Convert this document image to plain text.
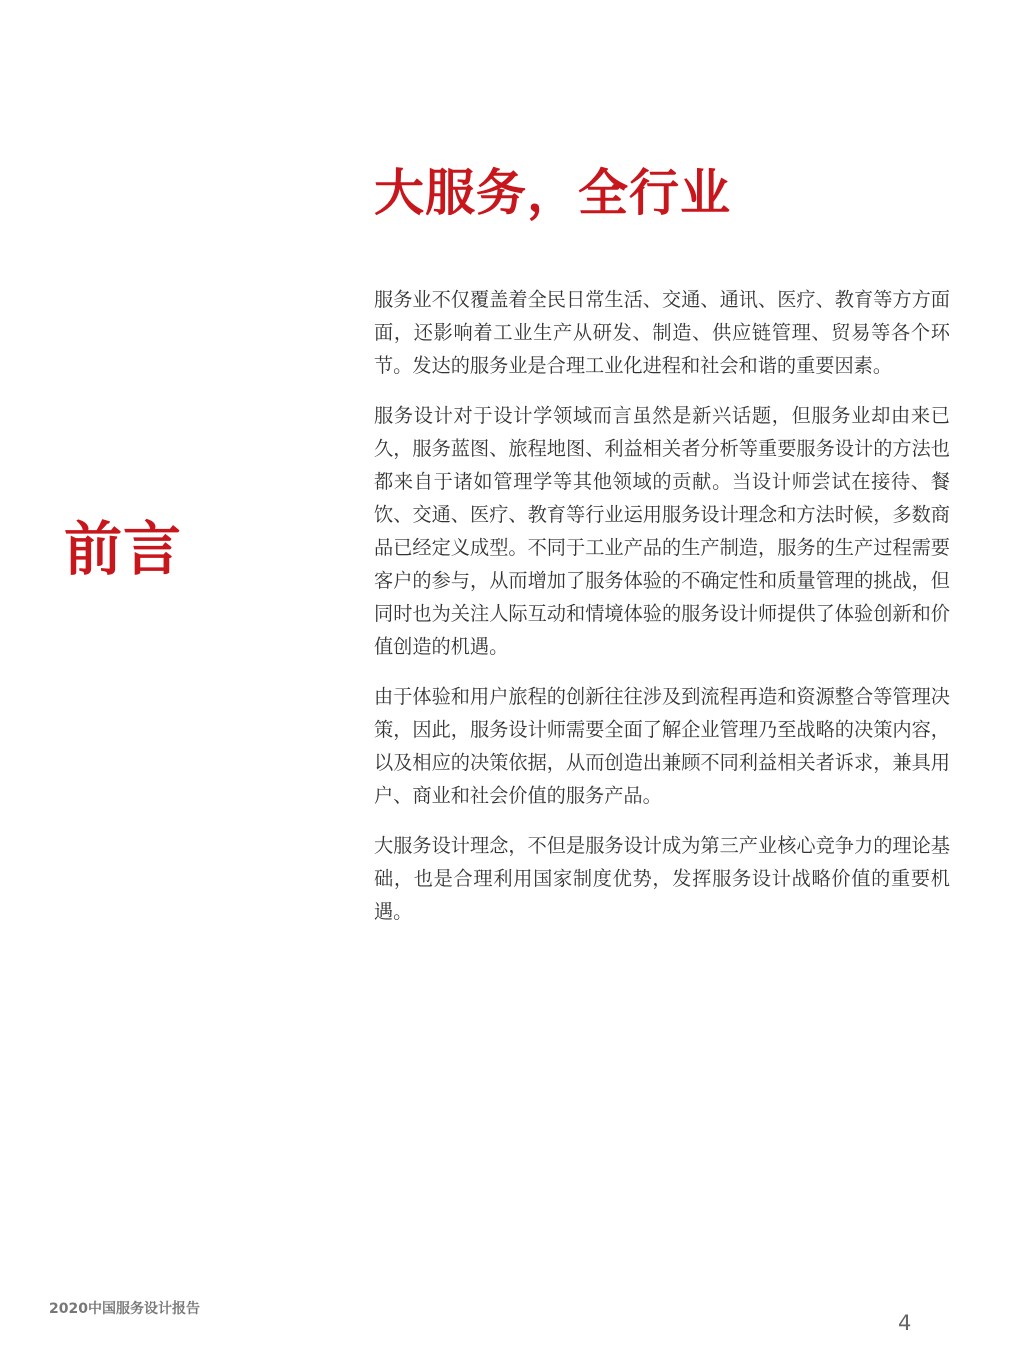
大服务，全行业
前言

服务业不仅覆盖着全民日常生活、交通、通讯、医疗、教育等方方面面，还影响着工业生产从研发、制造、供应链管理、贸易等各个环节。发达的服务业是合理工业化进程和社会和谐的重要因素。

服务设计对于设计学领域而言虽然是新兴话题，但服务业却由来已久，服务蓝图、旅程地图、利益相关者分析等重要服务设计的方法也都来自于诸如管理学等其他领域的贡献。当设计师尝试在接待、餐饮、交通、医疗、教育等行业运用服务设计理念和方法时候，多数商品已经定义成型。不同于工业产品的生产制造，服务的生产过程需要客户的参与，从而增加了服务体验的不确定性和质量管理的挑战，但同时也为关注人际互动和情境体验的服务设计师提供了体验创新和价值创造的机遇。

由于体验和用户旅程的创新往往涉及到流程再造和资源整合等管理决策，因此，服务设计师需要全面了解企业管理乃至战略的决策内容，以及相应的决策依据，从而创造出兼顾不同利益相关者诉求，兼具用户、商业和社会价值的服务产品。

大服务设计理念，不但是服务设计成为第三产业核心竞争力的理论基础，也是合理利用国家制度优势，发挥服务设计战略价值的重要机遇。

2020中国服务设计报告
4
